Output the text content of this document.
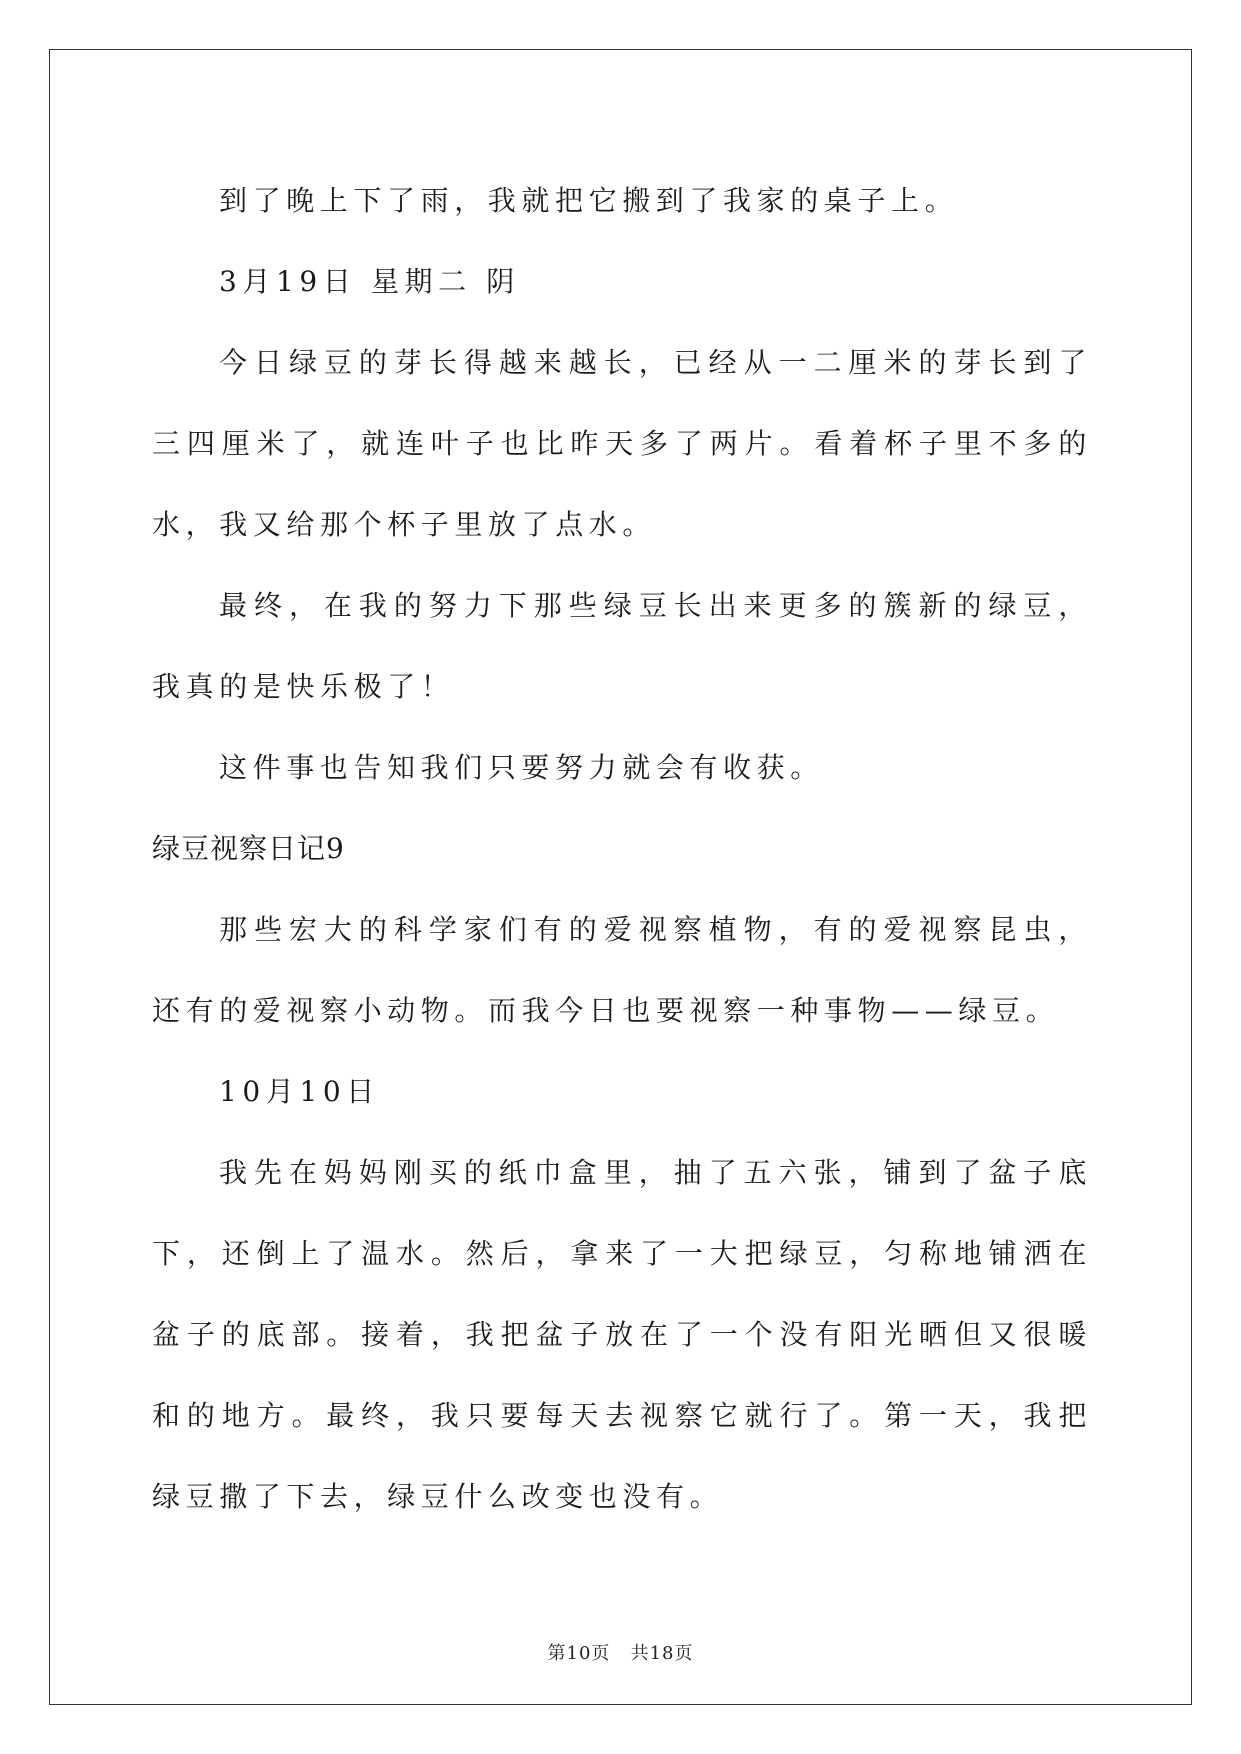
到了晚上下了雨，我就把它搬到了我家的桌子上。

3月19日 星期二 阴

今日绿豆的芽长得越来越长，已经从一二厘米的芽长到了三四厘米了，就连叶子也比昨天多了两片。看着杯子里不多的水，我又给那个杯子里放了点水。

最终，在我的努力下那些绿豆长出来更多的簇新的绿豆，我真的是快乐极了！

这件事也告知我们只要努力就会有收获。

绿豆视察日记9

那些宏大的科学家们有的爱视察植物，有的爱视察昆虫，还有的爱视察小动物。而我今日也要视察一种事物——绿豆。

10月10日

我先在妈妈刚买的纸巾盒里，抽了五六张，铺到了盆子底下，还倒上了温水。然后，拿来了一大把绿豆，匀称地铺洒在盆子的底部。接着，我把盆子放在了一个没有阳光晒但又很暖和的地方。最终，我只要每天去视察它就行了。第一天，我把绿豆撒了下去，绿豆什么改变也没有。

第10页 共18页
